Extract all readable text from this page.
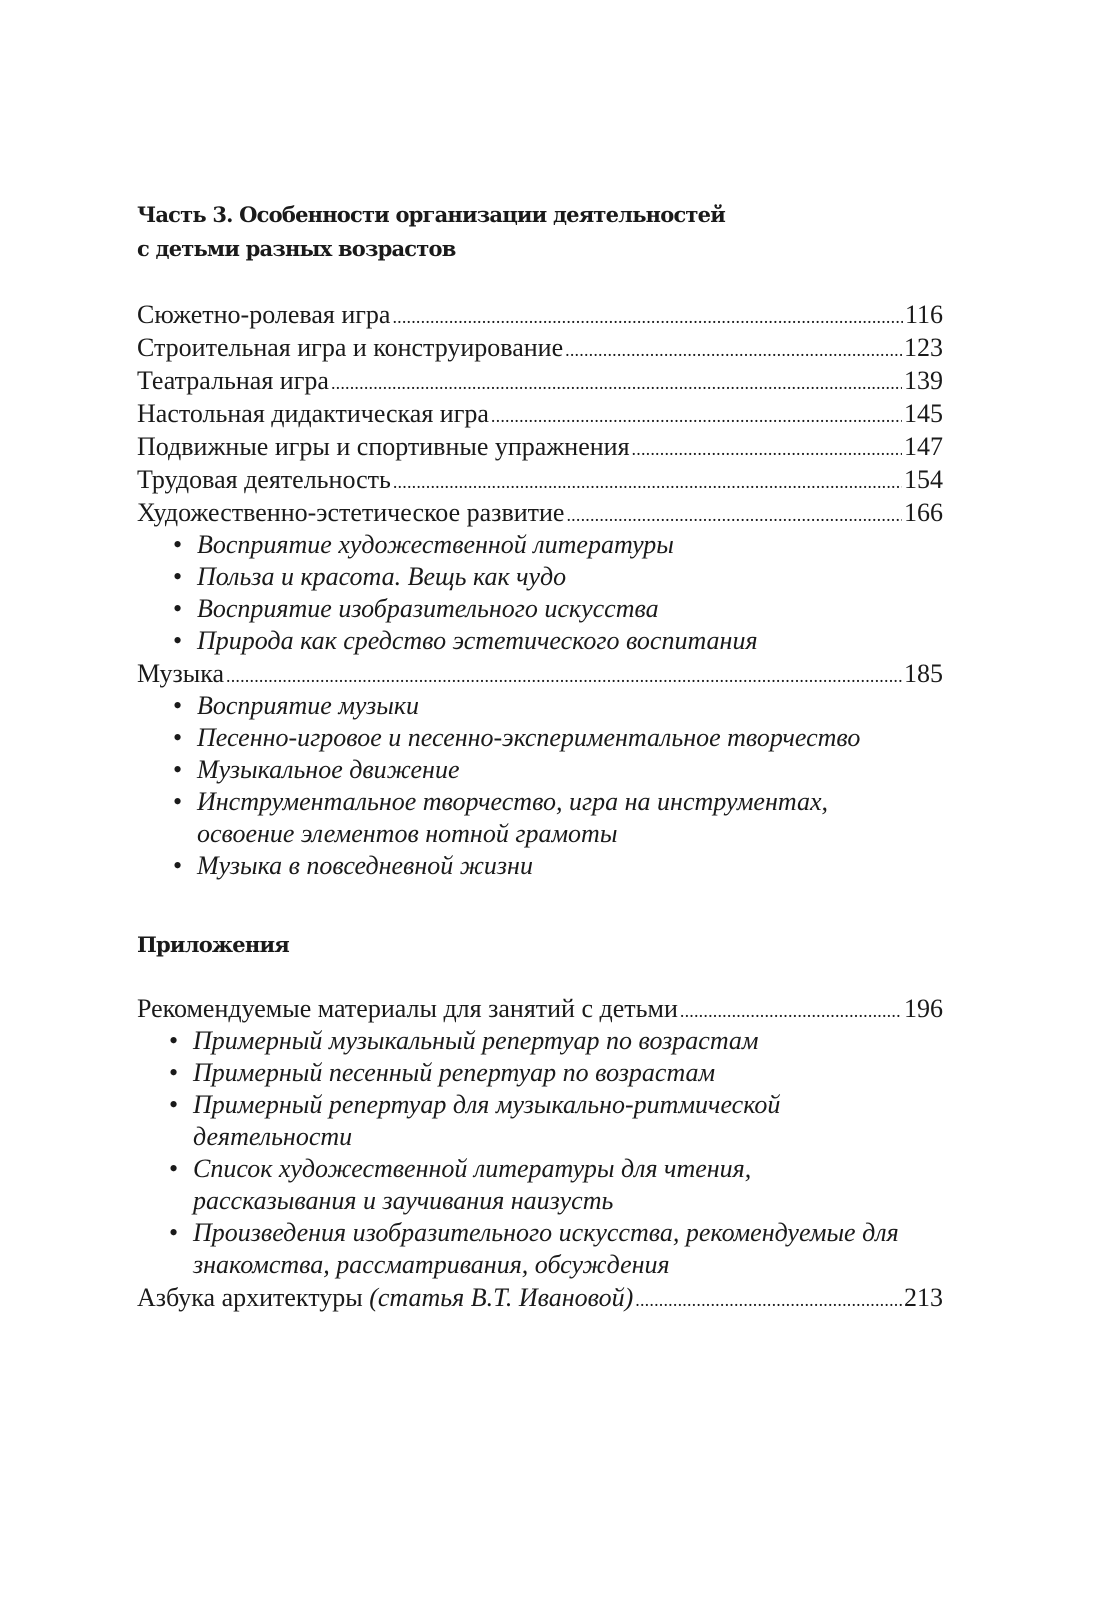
Часть 3. Особенности организации деятельностей
с детьми разных возрастов
Сюжетно-ролевая игра .....	116
Строительная игра и конструирование .....	123
Театральная игра .....	139
Настольная дидактическая игра .....	145
Подвижные игры и спортивные упражнения .....	147
Трудовая деятельность .....	154
Художественно-эстетическое развитие .....	166
• Восприятие художественной литературы
• Польза и красота. Вещь как чудо
• Восприятие изобразительного искусства
• Природа как средство эстетического воспитания
Музыка .....	185
• Восприятие музыки
• Песенно-игровое и песенно-экспериментальное творчество
• Музыкальное движение
• Инструментальное творчество, игра на инструментах, освоение элементов нотной грамоты
• Музыка в повседневной жизни
Приложения
Рекомендуемые материалы для занятий с детьми .....	196
• Примерный музыкальный репертуар по возрастам
• Примерный песенный репертуар по возрастам
• Примерный репертуар для музыкально-ритмической деятельности
• Список художественной литературы для чтения, рассказывания и заучивания наизусть
• Произведения изобразительного искусства, рекомендуемые для знакомства, рассматривания, обсуждения
Азбука архитектуры (статья В.Т. Ивановой) .....	213
